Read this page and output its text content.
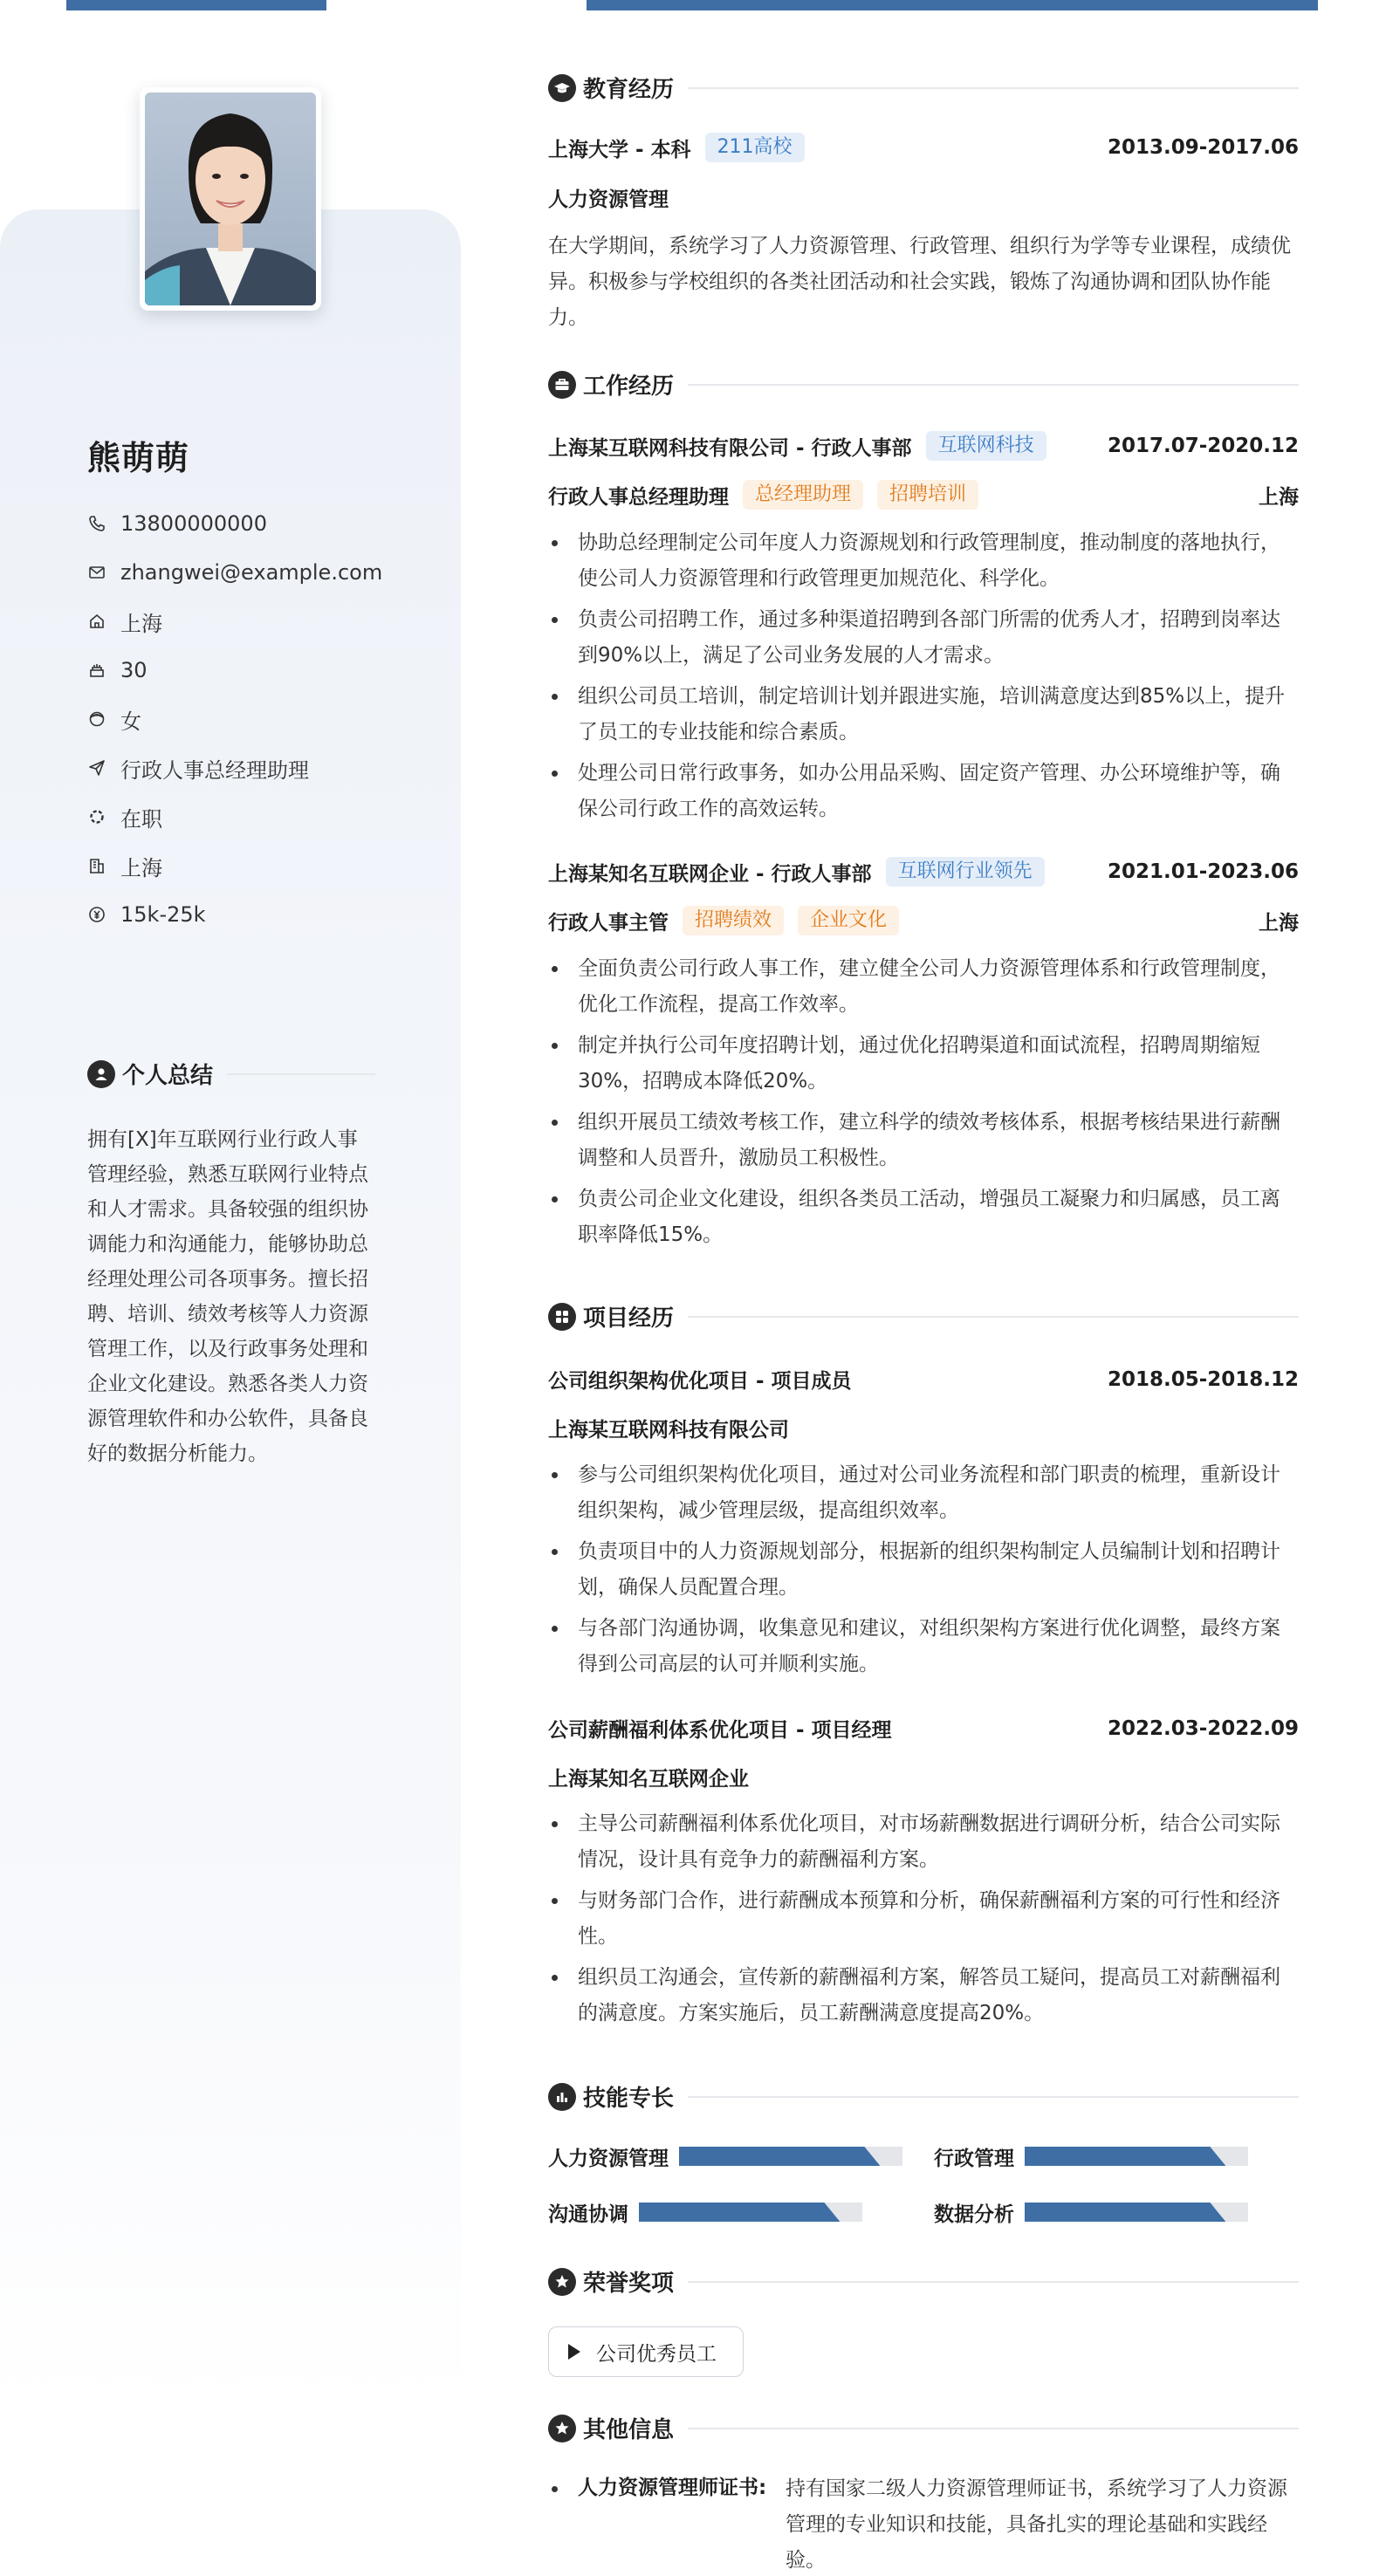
熊萌萌
13800000000
zhangwei@example.com
上海
30
女
行政人事总经理助理
在职
上海
15k-25k
个人总结
拥有[X]年互联网行业行政人事管理经验，熟悉互联网行业特点和人才需求。具备较强的组织协调能力和沟通能力，能够协助总经理处理公司各项事务。擅长招聘、培训、绩效考核等人力资源管理工作，以及行政事务处理和企业文化建设。熟悉各类人力资源管理软件和办公软件，具备良好的数据分析能力。
教育经历
上海大学 - 本科	211高校	2013.09-2017.06
人力资源管理
在大学期间，系统学习了人力资源管理、行政管理、组织行为学等专业课程，成绩优异。积极参与学校组织的各类社团活动和社会实践，锻炼了沟通协调和团队协作能力。
工作经历
上海某互联网科技有限公司 - 行政人事部	互联网科技	2017.07-2020.12
行政人事总经理助理	总经理助理	招聘培训	上海
协助总经理制定公司年度人力资源规划和行政管理制度，推动制度的落地执行，使公司人力资源管理和行政管理更加规范化、科学化。
负责公司招聘工作，通过多种渠道招聘到各部门所需的优秀人才，招聘到岗率达到90%以上，满足了公司业务发展的人才需求。
组织公司员工培训，制定培训计划并跟进实施，培训满意度达到85%以上，提升了员工的专业技能和综合素质。
处理公司日常行政事务，如办公用品采购、固定资产管理、办公环境维护等，确保公司行政工作的高效运转。
上海某知名互联网企业 - 行政人事部	互联网行业领先	2021.01-2023.06
行政人事主管	招聘绩效	企业文化	上海
全面负责公司行政人事工作，建立健全公司人力资源管理体系和行政管理制度，优化工作流程，提高工作效率。
制定并执行公司年度招聘计划，通过优化招聘渠道和面试流程，招聘周期缩短30%，招聘成本降低20%。
组织开展员工绩效考核工作，建立科学的绩效考核体系，根据考核结果进行薪酬调整和人员晋升，激励员工积极性。
负责公司企业文化建设，组织各类员工活动，增强员工凝聚力和归属感，员工离职率降低15%。
项目经历
公司组织架构优化项目 - 项目成员	2018.05-2018.12
上海某互联网科技有限公司
参与公司组织架构优化项目，通过对公司业务流程和部门职责的梳理，重新设计组织架构，减少管理层级，提高组织效率。
负责项目中的人力资源规划部分，根据新的组织架构制定人员编制计划和招聘计划，确保人员配置合理。
与各部门沟通协调，收集意见和建议，对组织架构方案进行优化调整，最终方案得到公司高层的认可并顺利实施。
公司薪酬福利体系优化项目 - 项目经理	2022.03-2022.09
上海某知名互联网企业
主导公司薪酬福利体系优化项目，对市场薪酬数据进行调研分析，结合公司实际情况，设计具有竞争力的薪酬福利方案。
与财务部门合作，进行薪酬成本预算和分析，确保薪酬福利方案的可行性和经济性。
组织员工沟通会，宣传新的薪酬福利方案，解答员工疑问，提高员工对薪酬福利的满意度。方案实施后，员工薪酬满意度提高20%。
技能专长
人力资源管理	行政管理
沟通协调	数据分析
荣誉奖项
公司优秀员工
其他信息
人力资源管理师证书: 持有国家二级人力资源管理师证书，系统学习了人力资源管理的专业知识和技能，具备扎实的理论基础和实践经验。
